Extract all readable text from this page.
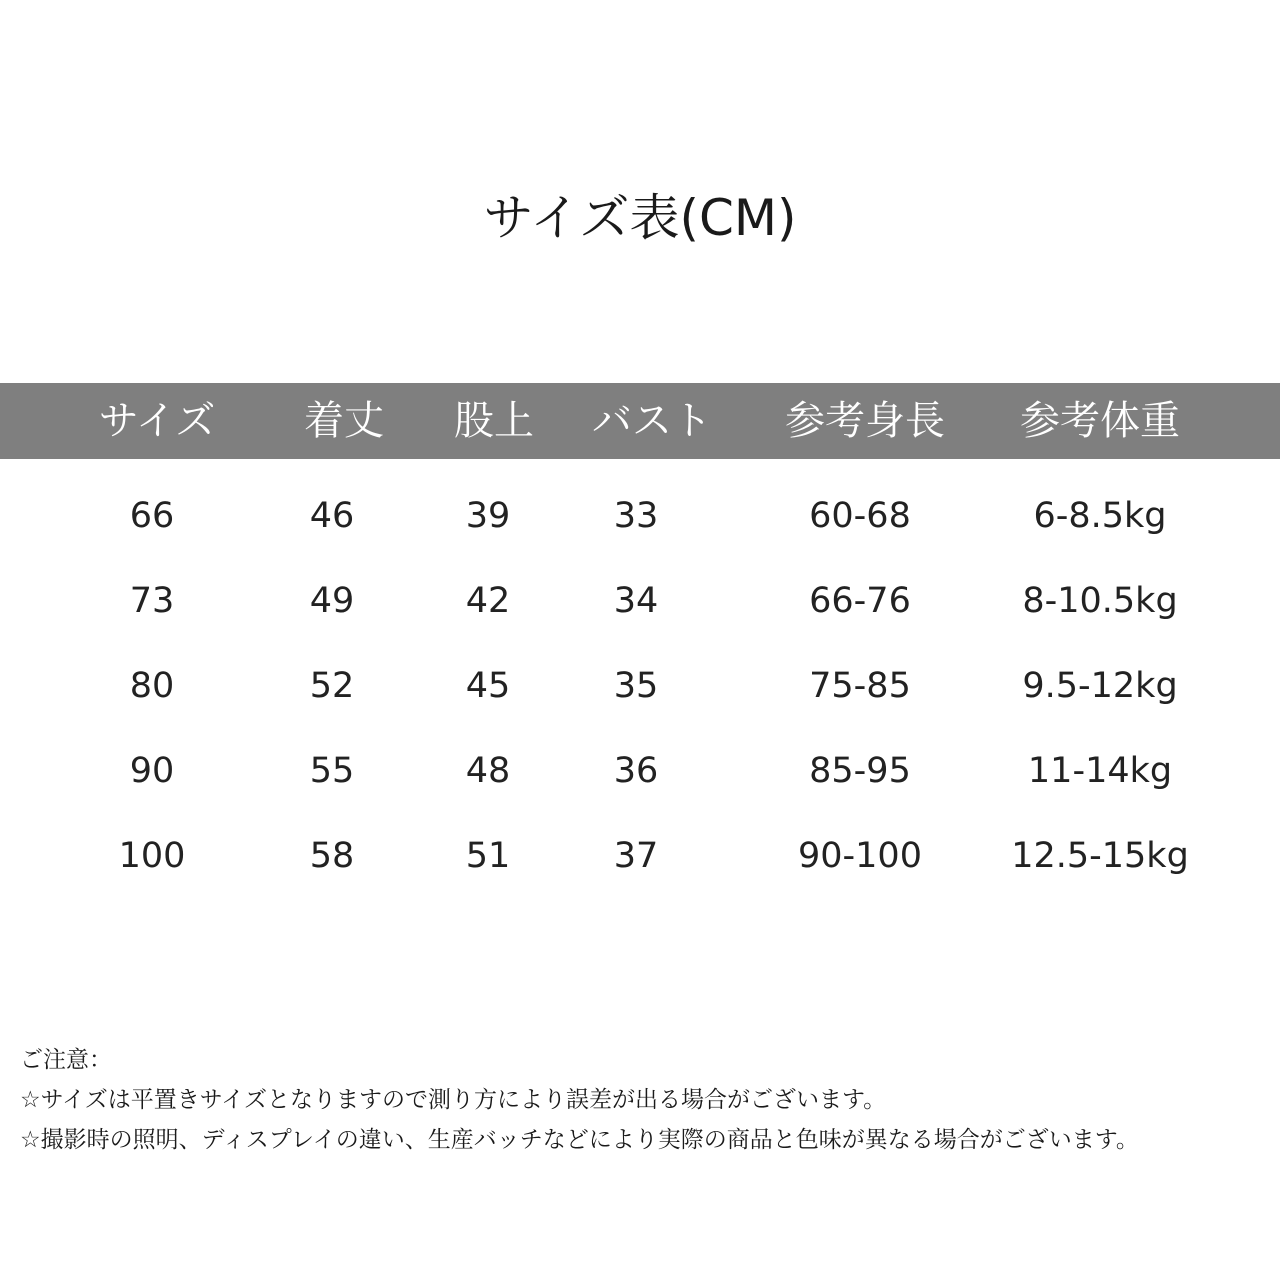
サイズ表(CM)
サイズ	着丈	股上	バスト	参考身長	参考体重
66	46	39	33	60-68	6-8.5kg
73	49	42	34	66-76	8-10.5kg
80	52	45	35	75-85	9.5-12kg
90	55	48	36	85-95	11-14kg
100	58	51	37	90-100	12.5-15kg
ご注意：
☆サイズは平置きサイズとなりますので測り方により誤差が出る場合がございます。
☆撮影時の照明、ディスプレイの違い、生産バッチなどにより実際の商品と色味が異なる場合がございます。
